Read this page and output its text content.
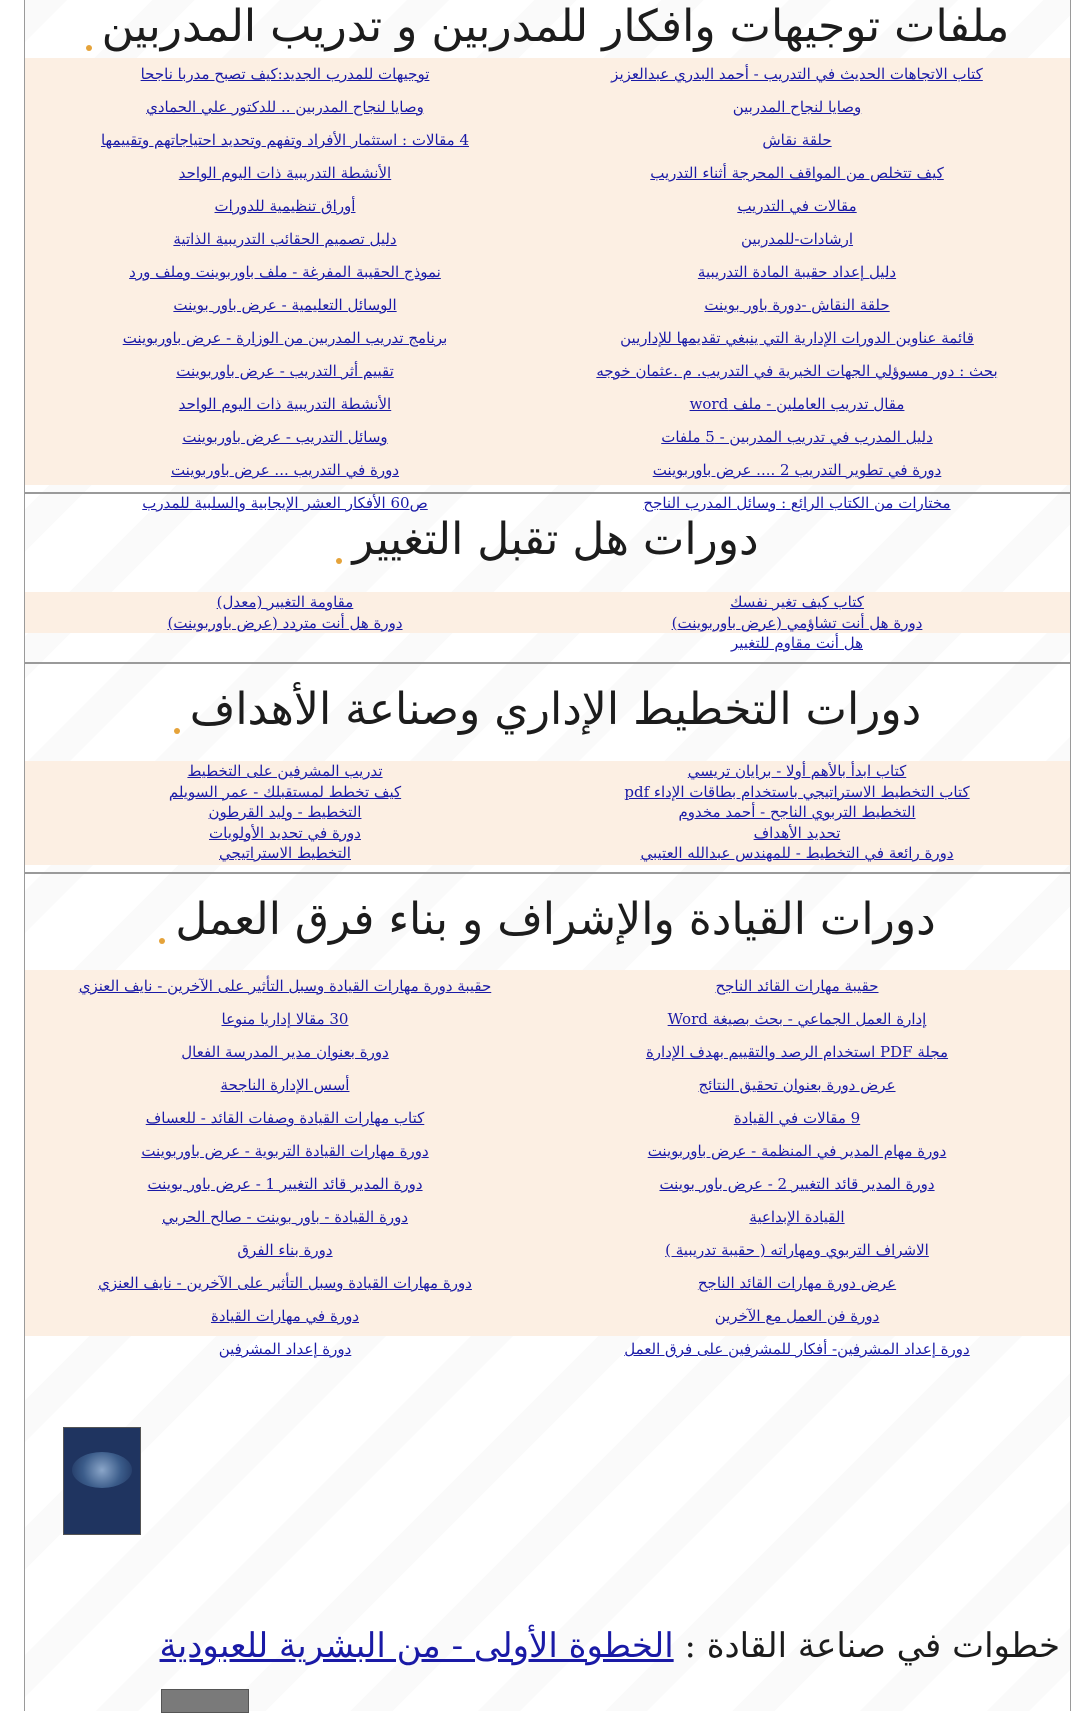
ملفات توجيهات وافكار للمدربين و تدريب المدربين
كتاب الاتجاهات الحديث في التدريب - أحمد البدري عبدالعزيز
وصايا لنجاح المدربين
حلقة نقاش
كيف تتخلص من المواقف المحرجة أثناء التدريب
مقالات في التدريب
ارشادات-للمدربين
دليل إعداد حقيبة المادة التدريبية
حلقة النقاش -دورة باور بوينت
قائمة عناوين الدورات الإدارية التي ينبغي تقديمها للإداريين
بحث : دور مسوؤلي الجهات الخيرية في التدريب. م .عثمان خوجه
مقال تدريب العاملين - ملف word
دليل المدرب في تدريب المدربين - 5 ملفات
دورة في تطوير التدريب 2 .... عرض باوربوينت
مختارات من الكتاب الرائع : وسائل المدرب الناجح
توجيهات للمدرب الجديد:كيف تصبح مدربا ناجحا
وصايا لنجاح المدربين .. للدكتور علي الحمادي
4 مقالات : استثمار الأفراد وتفهم وتحديد احتياجاتهم وتقييمها
الأنشطة التدريبية ذات اليوم الواحد
أوراق تنظيمية للدورات
دليل تصميم الحقائب التدريبية الذاتية
نموذج الحقيبة المفرغة - ملف باوربوينت وملف ورد
الوسائل التعليمية - عرض باور بوينت
برنامج تدريب المدربين من الوزارة - عرض باوربوينت
تقييم أثر التدريب - عرض باوربوينت
الأنشطة التدريبية ذات اليوم الواحد
وسائل التدريب - عرض باوربوينت
دورة في التدريب ... عرض باوربوينت
ص60 الأفكار العشر الإيجابية والسلبية للمدرب
دورات هل تقبل التغيير
كتاب كيف تغير نفسك
دورة هل أنت تشاؤمي (عرض باوربوينت)
هل أنت مقاوم للتغيير
مقاومة التغيير (معدل)
دورة هل أنت متردد (عرض باوربوينت)
دورات التخطيط الإداري وصناعة الأهداف
كتاب ابدأ بالأهم أولا - برايان تريسي
كتاب التخطيط الاستراتيجي باستخدام بطاقات الإداء pdf
التخطيط التربوي الناجح - أحمد مخدوم
تحديد الأهداف
دورة رائعة في التخطيط - للمهندس عبدالله العتيبي
تدريب المشرفين على التخطيط
كيف تخطط لمستقبلك - عمر السويلم
التخطيط - وليد القرطون
دورة في تحديد الأولويات
التخطيط الاستراتيجي
دورات القيادة والإشراف و بناء فرق العمل
حقيبة مهارات القائد الناجح
إدارة العمل الجماعي - بحث بصيغة Word
مجلة PDF استخدام الرصد والتقييم بهدف الإدارة
عرض دورة بعنوان تحقيق النتائج
9 مقالات في القيادة
دورة مهام المدير في المنظمة - عرض باوربوينت
دورة المدير قائد التغيير 2 - عرض باور بوينت
القيادة الإبداعية
الاشراف التربوي ومهاراته ( حقيبة تدريبية )
عرض دورة مهارات القائد الناجح
دورة فن العمل مع الآخرين
دورة إعداد المشرفين- أفكار للمشرفين على فرق العمل
حقيبة دورة مهارات القيادة وسبل التأثير على الآخرين - نايف العنزي
30 مقالا إداريا منوعا
دورة بعنوان مدير المدرسة الفعال
أسس الإدارة الناجحة
كتاب مهارات القيادة وصفات القائد - للعساف
دورة مهارات القيادة التربوية - عرض باوربوينت
دورة المدير قائد التغيير 1 - عرض باور بوينت
دورة القيادة - باور بوينت - صالح الحربي
دورة بناء الفرق
دورة مهارات القيادة وسبل التأثير على الآخرين - نايف العنزي
دورة في مهارات القيادة
دورة إعداد المشرفين
خطوات في صناعة القادة : الخطوة الأولى - من البشرية للعبودية
